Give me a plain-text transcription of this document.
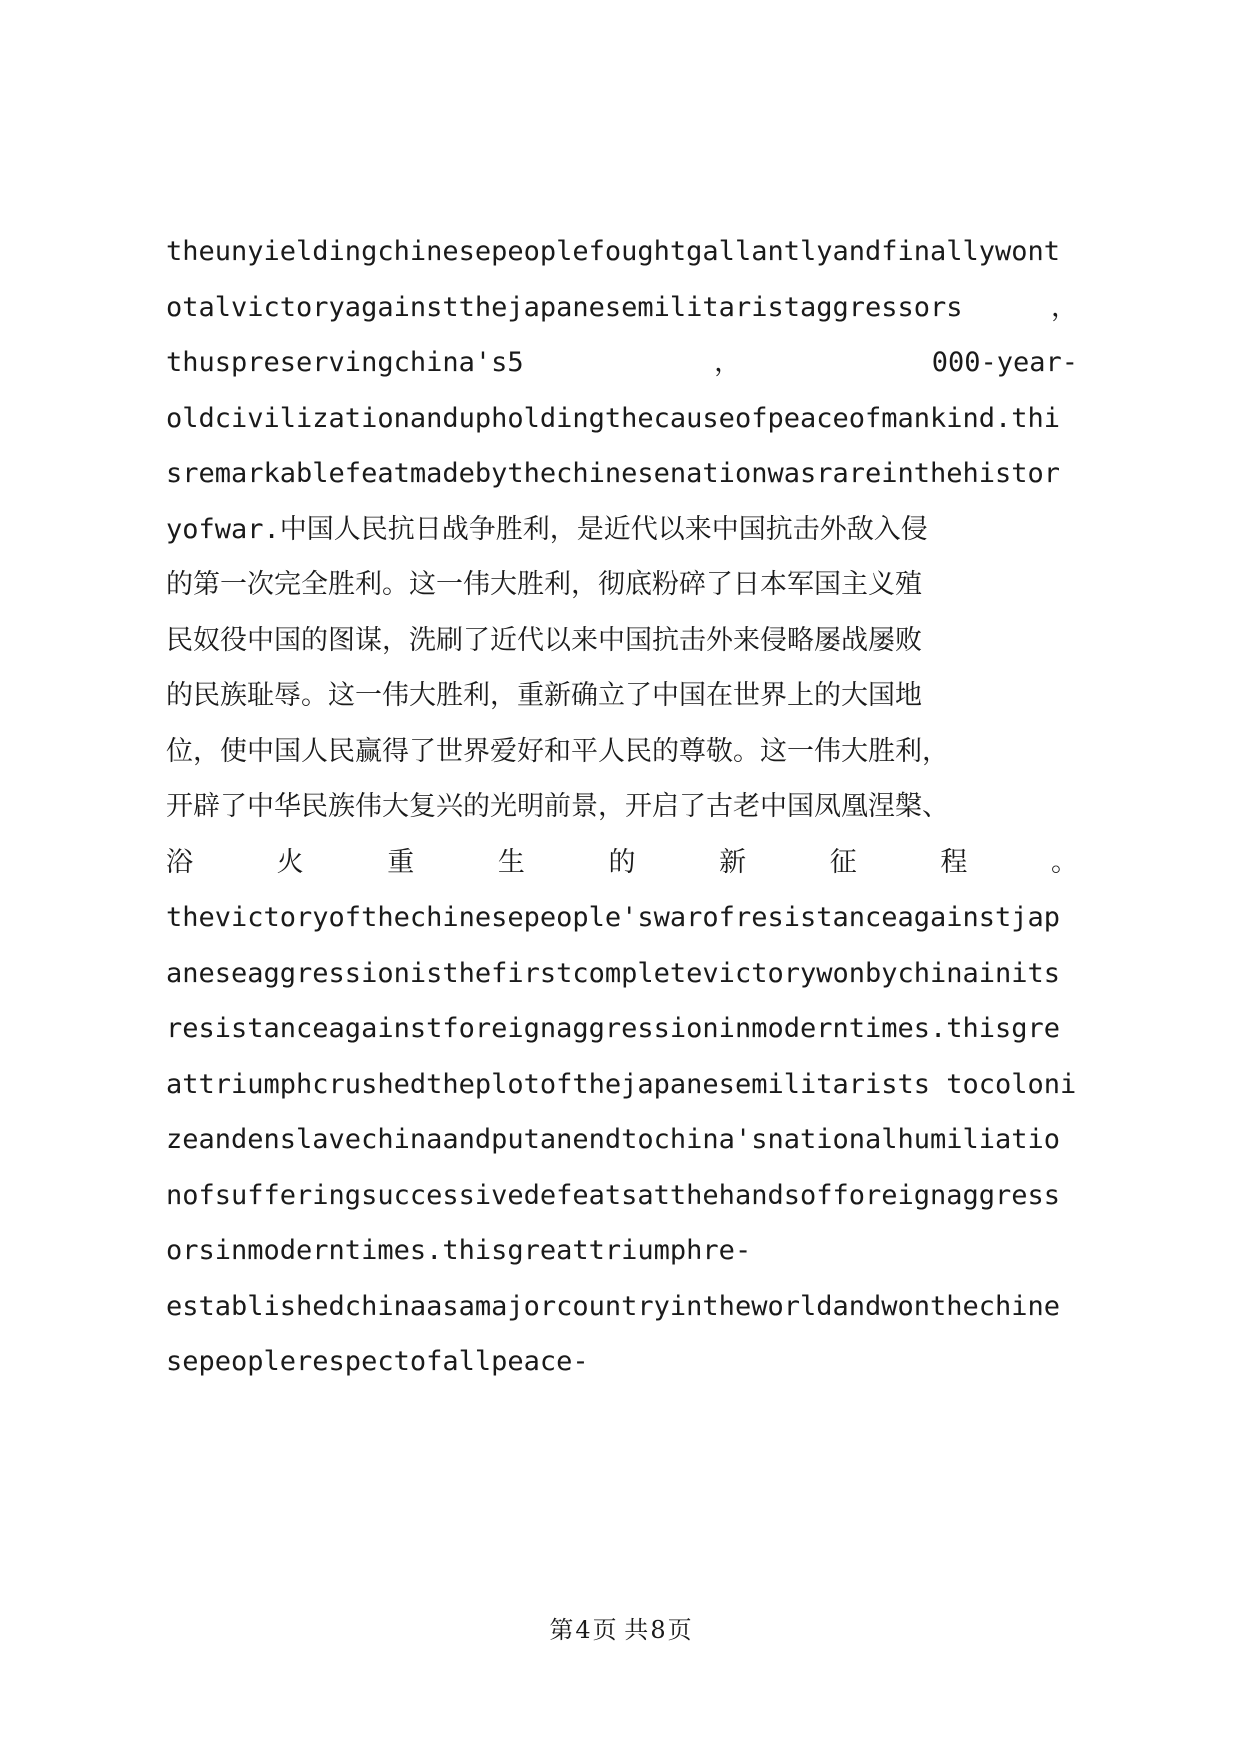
theunyieldingchinesepeoplefoughtgallantlyandfinallywont
otalvictoryagainstthejapanesemilitaristaggressors	，
thuspreservingchina's5	，	000-year-
oldcivilizationandupholdingthecauseofpeaceofmankind.thi
sremarkablefeatmadebythechinesenationwasrareinthehistor
yofwar.中国人民抗日战争胜利，是近代以来中国抗击外敌入侵
的第一次完全胜利。这一伟大胜利，彻底粉碎了日本军国主义殖
民奴役中国的图谋，洗刷了近代以来中国抗击外来侵略屡战屡败
的民族耻辱。这一伟大胜利，重新确立了中国在世界上的大国地
位，使中国人民赢得了世界爱好和平人民的尊敬。这一伟大胜利，
开辟了中华民族伟大复兴的光明前景，开启了古老中国凤凰涅槃、
浴	火	重	生	的	新	征	程	。
thevictoryofthechinesepeople'swarofresistanceagainstjap
aneseaggressionisthefirstcompletevictorywonbychinainits
resistanceagainstforeignaggressioninmoderntimes.thisgre
attriumphcrushedtheplotofthejapanesemilitarists tocoloni
zeandenslavechinaandputanendtochina'snationalhumiliatio
nofsufferingsuccessivedefeatsatthehandsofforeignaggress
orsinmoderntimes.thisgreattriumphre-
establishedchinaasamajorcountryintheworldandwonthechine
sepeoplerespectofallpeace-
第4页 共8页
